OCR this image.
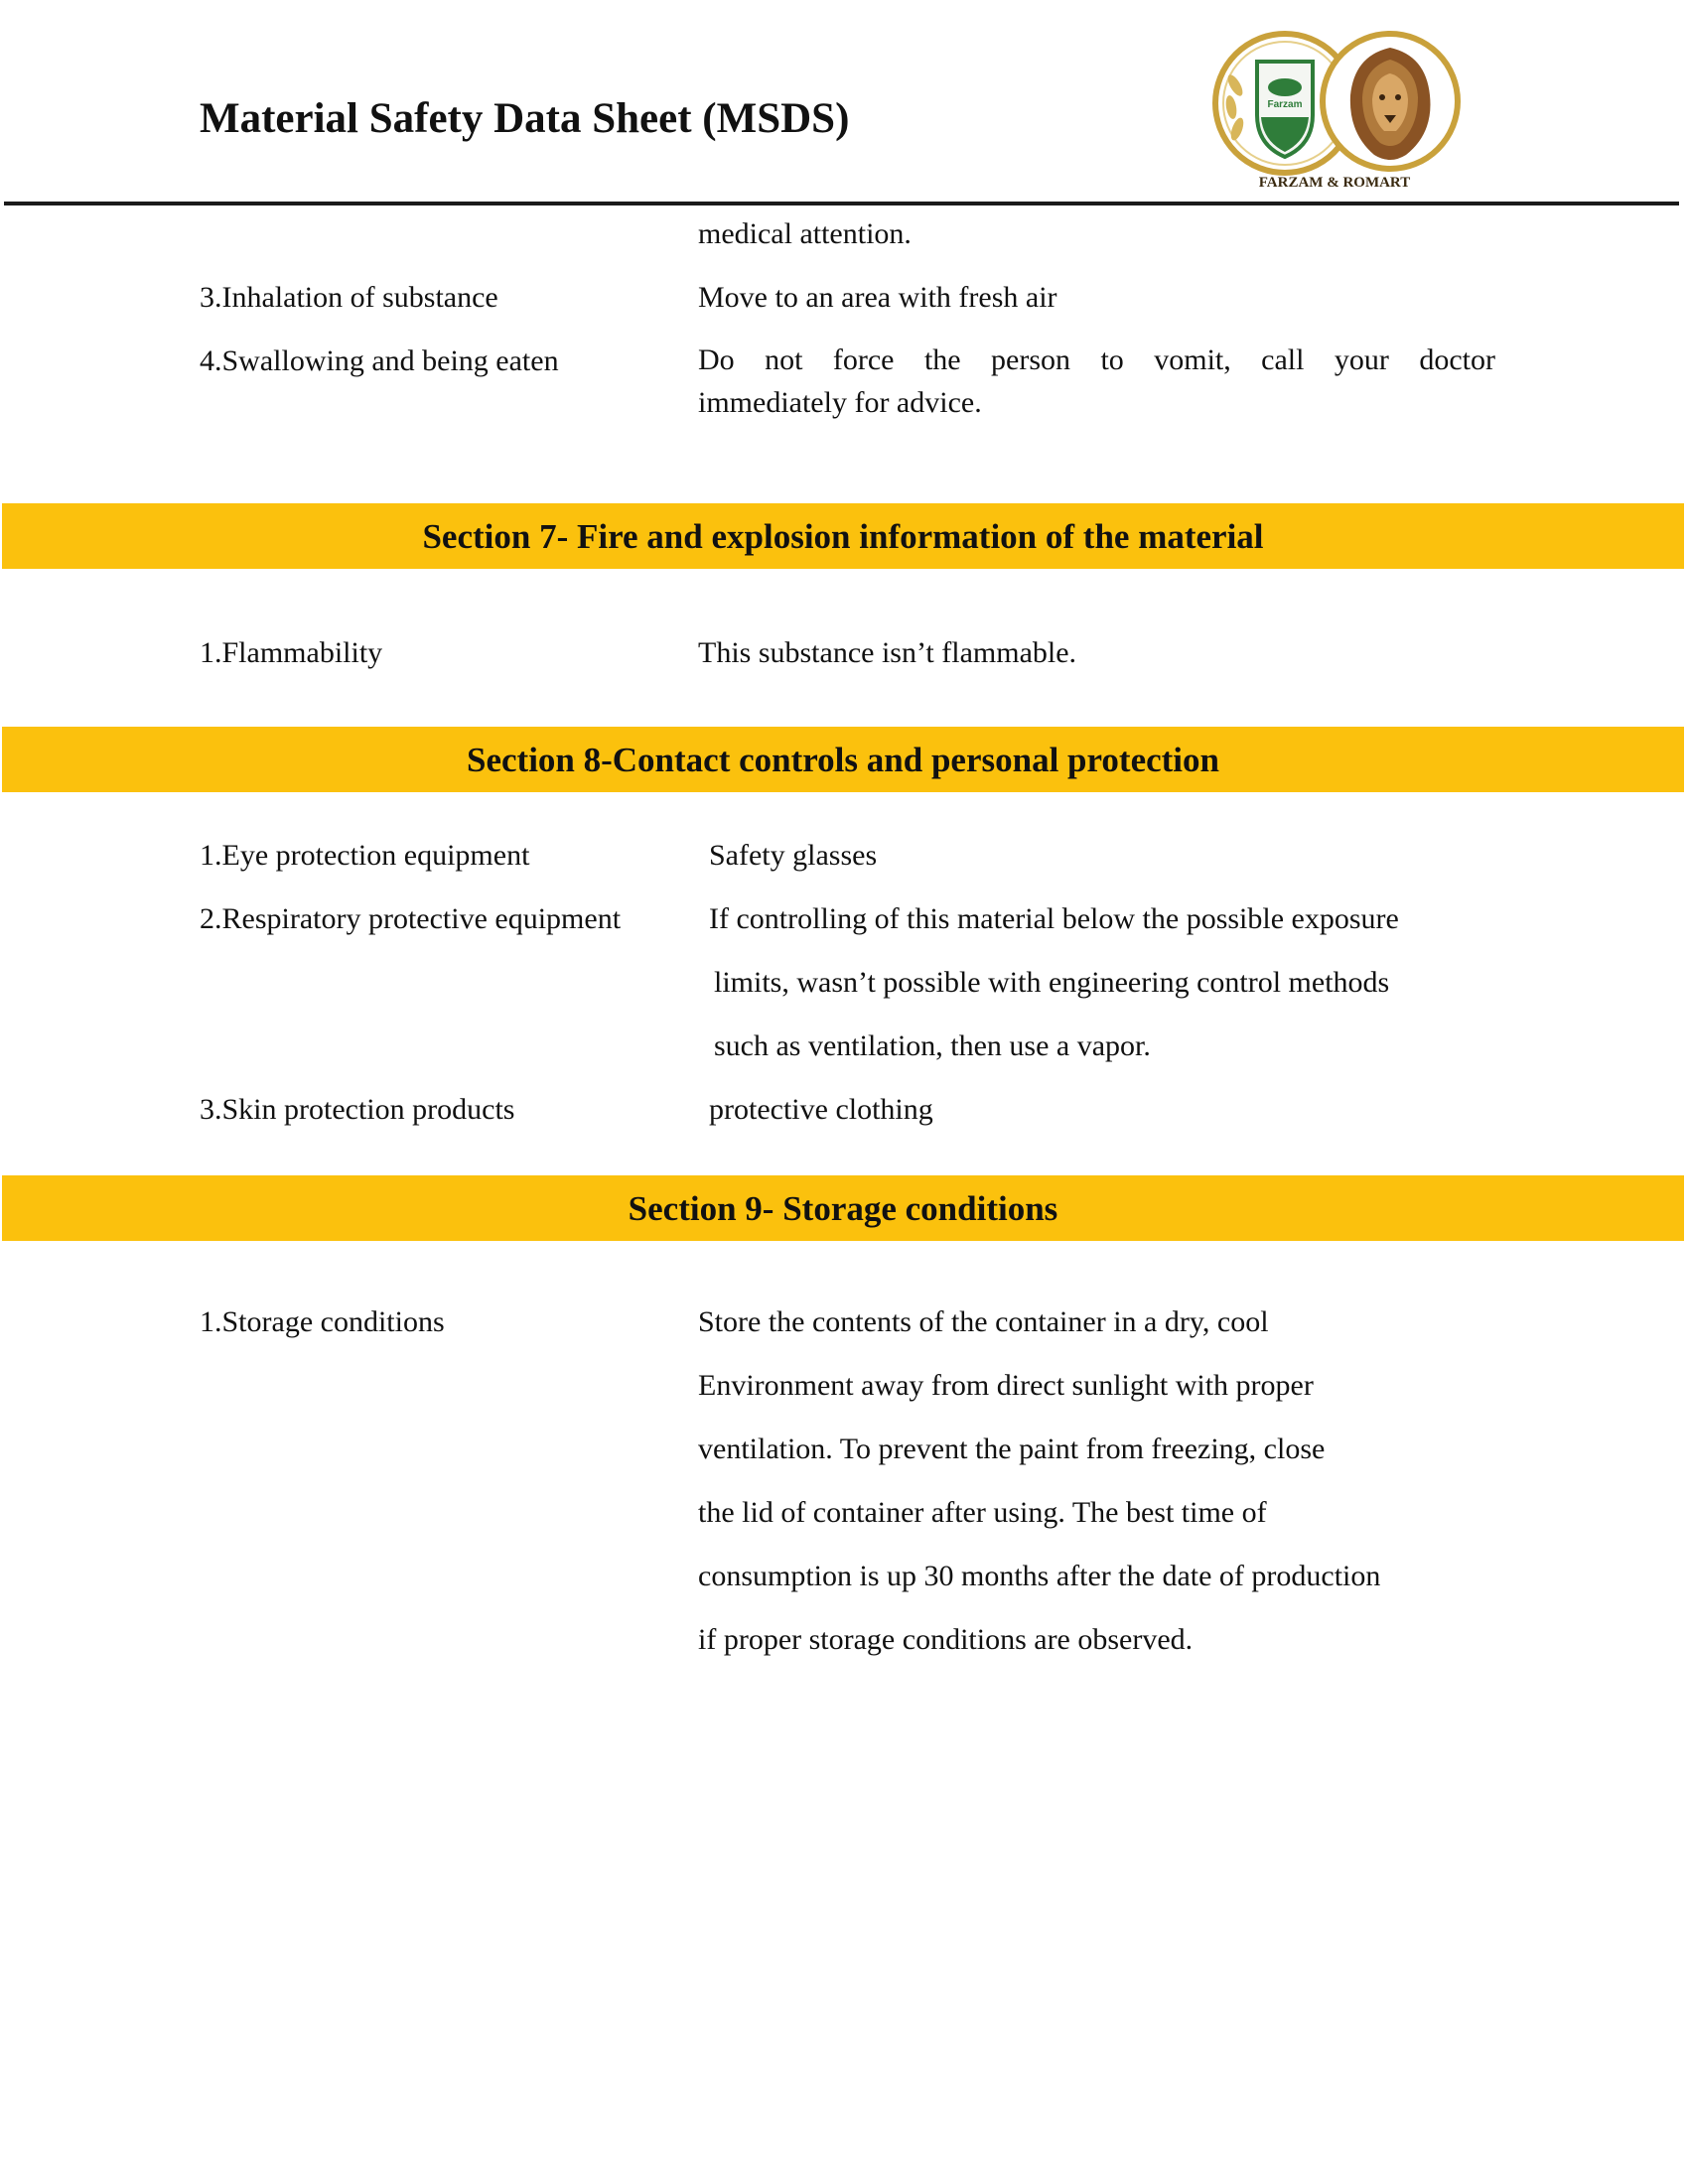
Material Safety Data Sheet (MSDS)	Farzam
FARZAM & ROMART
medical attention.
3.Inhalation of substance	Move to an area with fresh air
4.Swallowing and being eaten	Do not force the person to vomit, call your doctor
immediately for advice.
Section 7- Fire and explosion information of the material
1.Flammability	This substance isn’t flammable.
Section 8-Contact controls and personal protection
1.Eye protection equipment	Safety glasses
2.Respiratory protective equipment	If controlling of this material below the possible exposure
limits, wasn’t possible with engineering control methods
such as ventilation, then use a vapor.
3.Skin protection products	protective clothing
Section 9- Storage conditions
1.Storage conditions	Store the contents of the container in a dry, cool
Environment away from direct sunlight with proper
ventilation. To prevent the paint from freezing, close
the lid of container after using. The best time of
consumption is up 30 months after the date of production
if proper storage conditions are observed.
